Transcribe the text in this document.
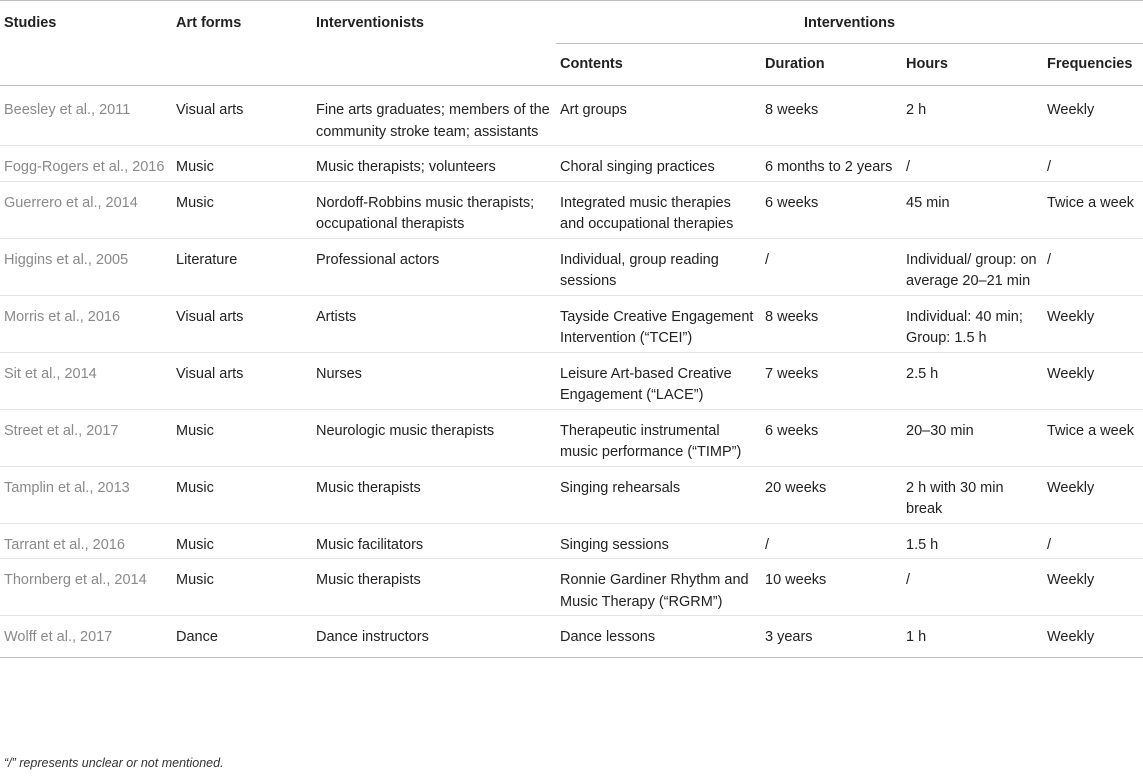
Studies	Art forms	Interventionists	Interventions			
			Contents	Duration	Hours	Frequencies
Beesley et al., 2011	Visual arts	Fine arts graduates; members of the community stroke team; assistants	Art groups	8 weeks	2 h	Weekly
Fogg-Rogers et al., 2016	Music	Music therapists; volunteers	Choral singing practices	6 months to 2 years	/	/
Guerrero et al., 2014	Music	Nordoff-Robbins music therapists; occupational therapists	Integrated music therapies and occupational therapies	6 weeks	45 min	Twice a week
Higgins et al., 2005	Literature	Professional actors	Individual, group reading sessions	/	Individual/ group: on average 20–21 min	/
Morris et al., 2016	Visual arts	Artists	Tayside Creative Engagement Intervention (“TCEI”)	8 weeks	Individual: 40 min; Group: 1.5 h	Weekly
Sit et al., 2014	Visual arts	Nurses	Leisure Art-based Creative Engagement (“LACE”)	7 weeks	2.5 h	Weekly
Street et al., 2017	Music	Neurologic music therapists	Therapeutic instrumental music performance (“TIMP”)	6 weeks	20–30 min	Twice a week
Tamplin et al., 2013	Music	Music therapists	Singing rehearsals	20 weeks	2 h with 30 min break	Weekly
Tarrant et al., 2016	Music	Music facilitators	Singing sessions	/	1.5 h	/
Thornberg et al., 2014	Music	Music therapists	Ronnie Gardiner Rhythm and Music Therapy (“RGRM”)	10 weeks	/	Weekly
Wolff et al., 2017	Dance	Dance instructors	Dance lessons	3 years	1 h	Weekly
“/” represents unclear or not mentioned.
